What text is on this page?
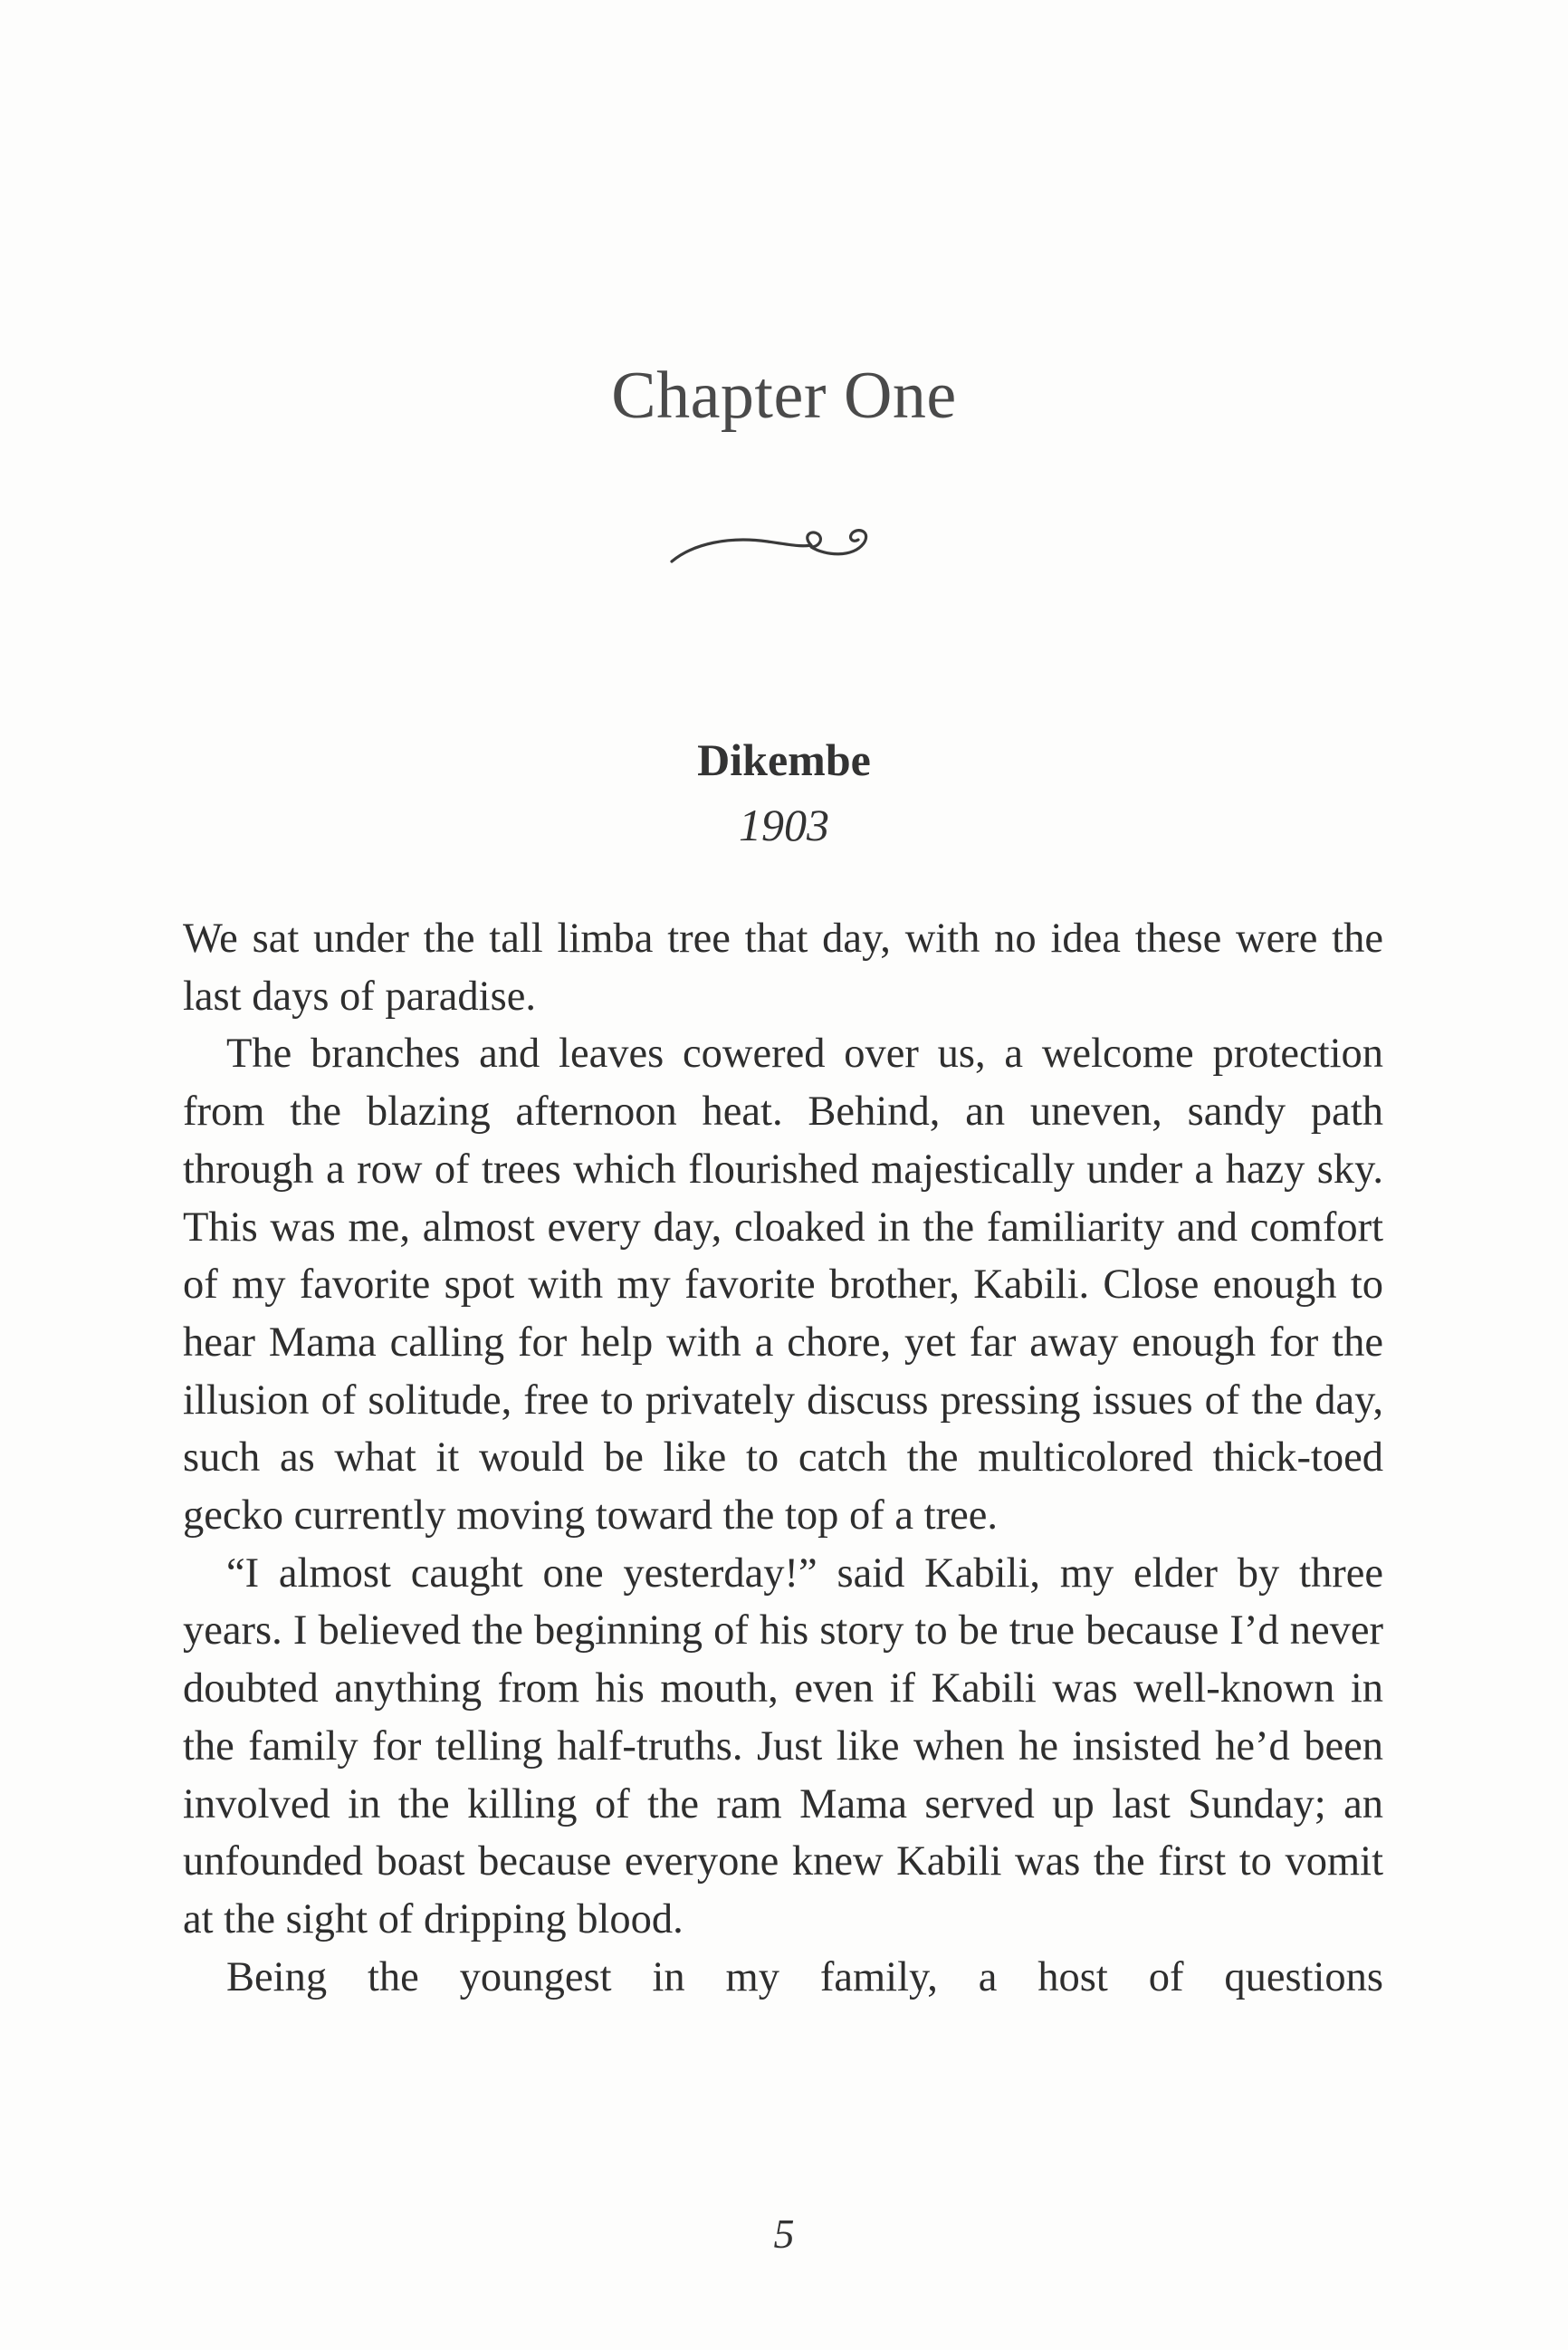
Chapter One
Dikembe
1903

We sat under the tall limba tree that day, with no idea these were the last days of paradise.

The branches and leaves cowered over us, a welcome protection from the blazing afternoon heat. Behind, an uneven, sandy path through a row of trees which flourished majestically under a hazy sky. This was me, almost every day, cloaked in the familiarity and comfort of my favorite spot with my favorite brother, Kabili. Close enough to hear Mama calling for help with a chore, yet far away enough for the illusion of solitude, free to privately discuss pressing issues of the day, such as what it would be like to catch the multicolored thick-toed gecko currently moving toward the top of a tree.

“I almost caught one yesterday!” said Kabili, my elder by three years. I believed the beginning of his story to be true because I’d never doubted anything from his mouth, even if Kabili was well-known in the family for telling half-truths. Just like when he insisted he’d been involved in the killing of the ram Mama served up last Sunday; an unfounded boast because everyone knew Kabili was the first to vomit at the sight of dripping blood.

Being the youngest in my family, a host of questions

5
